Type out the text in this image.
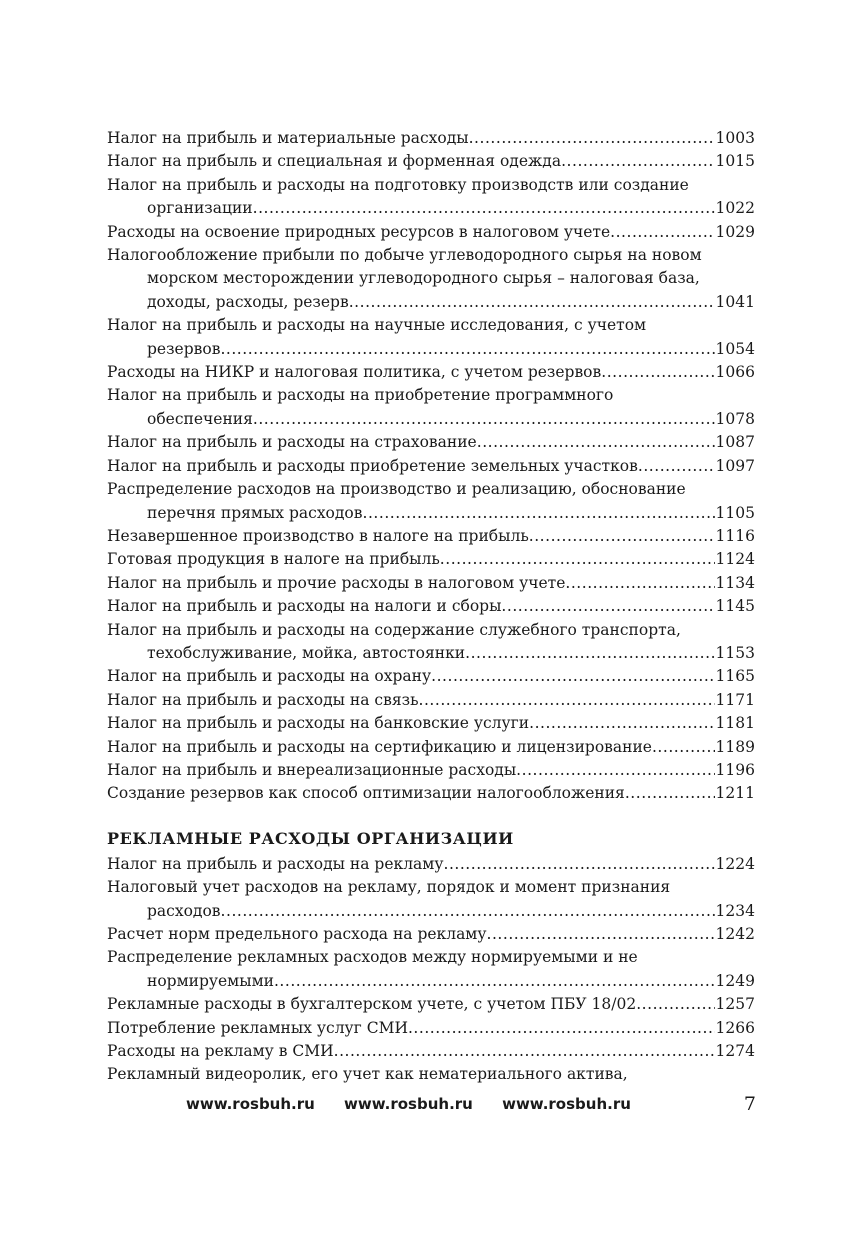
Налог на прибыль и материальные расходы . . .	1003
Налог на прибыль и специальная и форменная одежда . . .	1015
Налог на прибыль и расходы на подготовку производств или создание
организации . . .	1022
Расходы на освоение природных ресурсов в налоговом учете . . .	1029
Налогообложение прибыли по добыче углеводородного сырья на новом
морском месторождении углеводородного сырья – налоговая база,
доходы, расходы, резерв . . .	1041
Налог на прибыль и расходы на научные исследования, с учетом
резервов . . .	1054
Расходы на НИКР и налоговая политика, с учетом резервов . . .	1066
Налог на прибыль и расходы на приобретение программного
обеспечения . . .	1078
Налог на прибыль и расходы на страхование . . .	1087
Налог на прибыль и расходы приобретение земельных участков . . .	1097
Распределение расходов на производство и реализацию, обоснование
перечня прямых расходов . . .	1105
Незавершенное производство в налоге на прибыль . . .	1116
Готовая продукция в налоге на прибыль . . .	1124
Налог на прибыль и прочие расходы в налоговом учете . . .	1134
Налог на прибыль и расходы на налоги и сборы . . .	1145
Налог на прибыль и расходы на содержание служебного транспорта,
техобслуживание, мойка, автостоянки . . .	1153
Налог на прибыль и расходы на охрану . . .	1165
Налог на прибыль и расходы на связь . . .	1171
Налог на прибыль и расходы на банковские услуги . . .	1181
Налог на прибыль и расходы на сертификацию и лицензирование . . .	1189
Налог на прибыль и внереализационные расходы . . .	1196
Создание резервов как способ оптимизации налогообложения . . .	1211
РЕКЛАМНЫЕ РАСХОДЫ ОРГАНИЗАЦИИ
Налог на прибыль и расходы на рекламу . . .	1224
Налоговый учет расходов на рекламу, порядок и момент признания
расходов . . .	1234
Расчет норм предельного расхода на рекламу . . .	1242
Распределение рекламных расходов между нормируемыми и не
нормируемыми . . .	1249
Рекламные расходы в бухгалтерском учете, с учетом ПБУ 18/02 . . .	1257
Потребление рекламных услуг СМИ . . .	1266
Расходы на рекламу в СМИ . . .	1274
Рекламный видеоролик, его учет как нематериального актива,
www.rosbuh.ru www.rosbuh.ru www.rosbuh.ru	7
